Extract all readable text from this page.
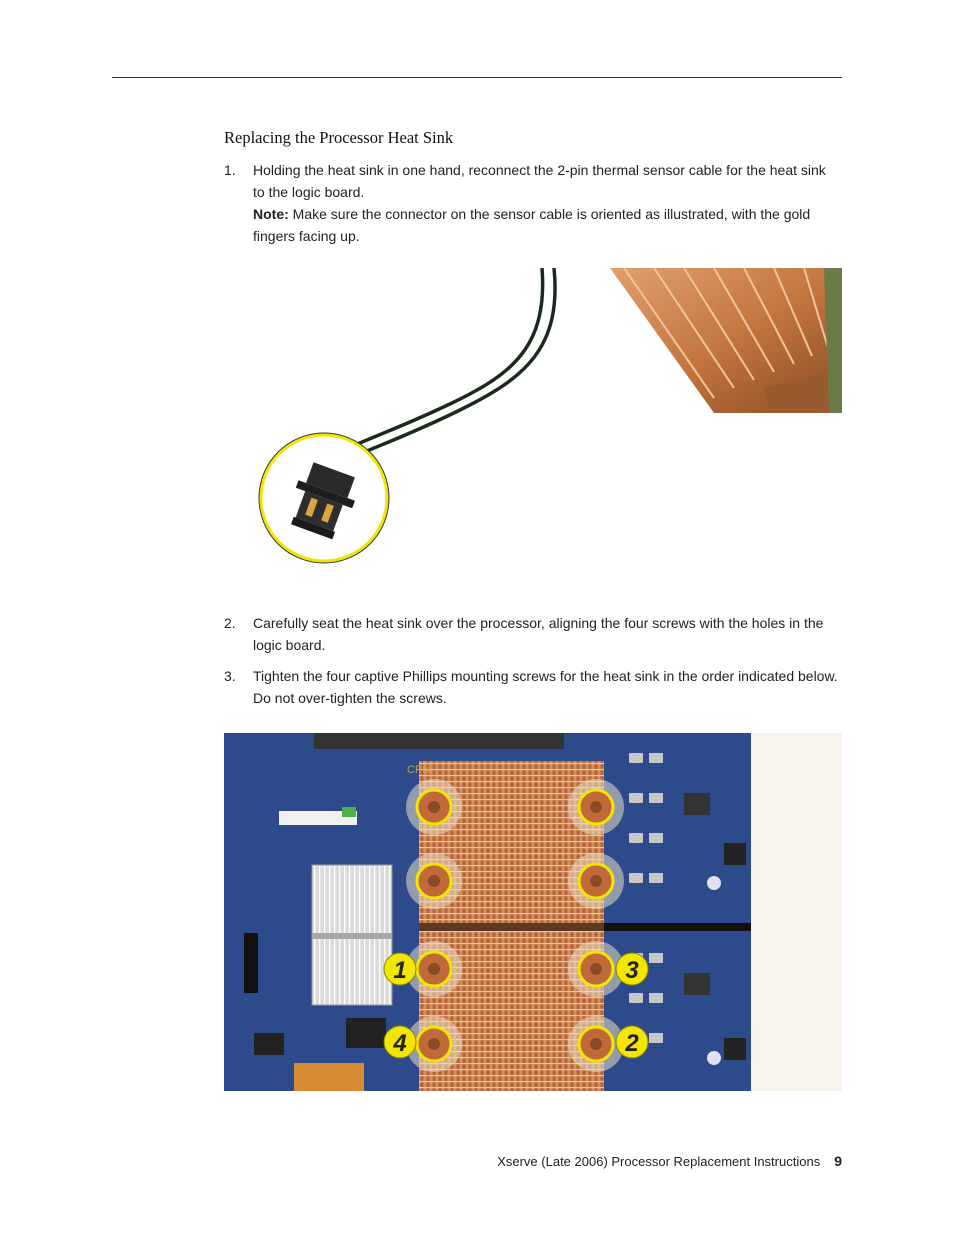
Replacing the Processor Heat Sink
1.	Holding the heat sink in one hand, reconnect the 2-pin thermal sensor cable for the heat sink to the logic board.

Note: Make sure the connector on the sensor cable is oriented as illustrated, with the gold fingers facing up.

2.	Carefully seat the heat sink over the processor, aligning the four screws with the holes in the logic board.

3.	Tighten the four captive Phillips mounting screws for the heat sink in the order indicated below. Do not over-tighten the screws.

CPU
1	3
4	2
Xserve (Late 2006) Processor Replacement Instructions 9
